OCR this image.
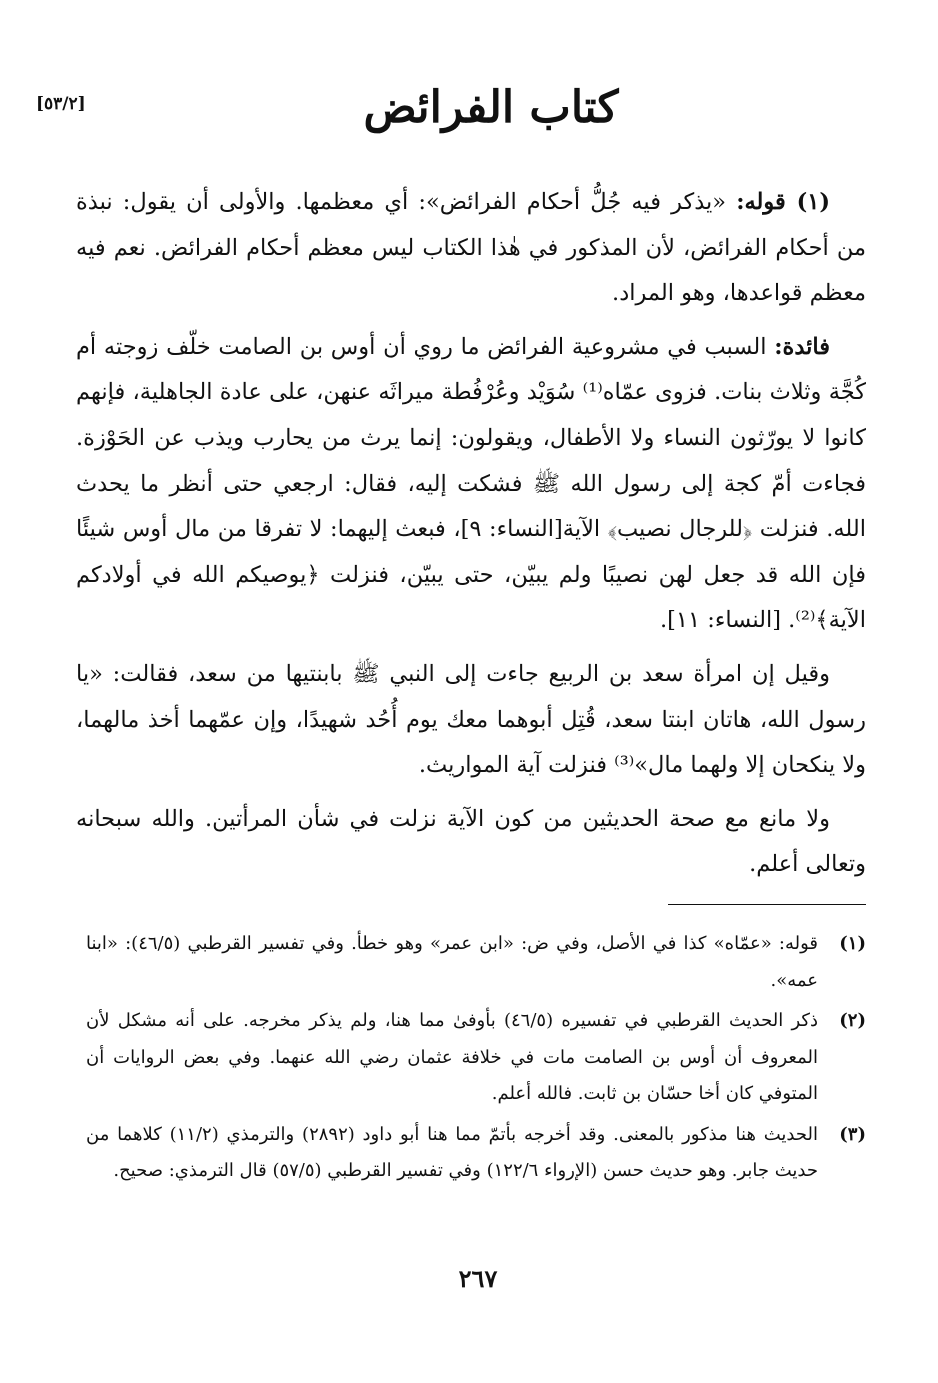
كتاب الفرائض
[٥٣/٢]

(١) قوله: «يذكر فيه جُلُّ أحكام الفرائض»: أي معظمها. والأولى أن يقول: نبذة من أحكام الفرائض، لأن المذكور في هٰذا الكتاب ليس معظم أحكام الفرائض. نعم فيه معظم قواعدها، وهو المراد.

فائدة: السبب في مشروعية الفرائض ما روي أن أوس بن الصامت خلّف زوجته أم كُجَّة وثلاث بنات. فزوى عمّاه⁽¹⁾ سُوَيْد وعُرْفُطة ميراثَه عنهن، على عادة الجاهلية، فإنهم كانوا لا يورّثون النساء ولا الأطفال، ويقولون: إنما يرث من يحارب ويذب عن الحَوْزة. فجاءت أمّ كجة إلى رسول الله ﷺ فشكت إليه، فقال: ارجعي حتى أنظر ما يحدث الله. فنزلت ﴿للرجال نصيب﴾ الآية[النساء: ٩]، فبعث إليهما: لا تفرقا من مال أوس شيئًا فإن الله قد جعل لهن نصيبًا ولم يبيّن، حتى يبيّن، فنزلت ﴿يوصيكم الله في أولادكم الآية﴾⁽²⁾. [النساء: ١١].

وقيل إن امرأة سعد بن الربيع جاءت إلى النبي ﷺ بابنتيها من سعد، فقالت: «يا رسول الله، هاتان ابنتا سعد، قُتِل أبوهما معك يوم أُحُد شهيدًا، وإن عمّهما أخذ مالهما، ولا ينكحان إلا ولهما مال»⁽³⁾ فنزلت آية المواريث.

ولا مانع مع صحة الحديثين من كون الآية نزلت في شأن المرأتين. والله سبحانه وتعالى أعلم.

(١)
قوله: «عمّاه» كذا في الأصل، وفي ض: «ابن عمر» وهو خطأ. وفي تفسير القرطبي (٤٦/٥): «ابنا عمه».
(٢)
ذكر الحديث القرطبي في تفسيره (٤٦/٥) بأوفىٰ مما هنا، ولم يذكر مخرجه. على أنه مشكل لأن المعروف أن أوس بن الصامت مات في خلافة عثمان رضي الله عنهما. وفي بعض الروايات أن المتوفي كان أخا حسّان بن ثابت. فالله أعلم.
(٣)
الحديث هنا مذكور بالمعنى. وقد أخرجه بأتمّ مما هنا أبو داود (٢٨٩٢) والترمذي (١١/٢) كلاهما من حديث جابر. وهو حديث حسن (الإرواء ١٢٢/٦) وفي تفسير القرطبي (٥٧/٥) قال الترمذي: صحيح.
٢٦٧
